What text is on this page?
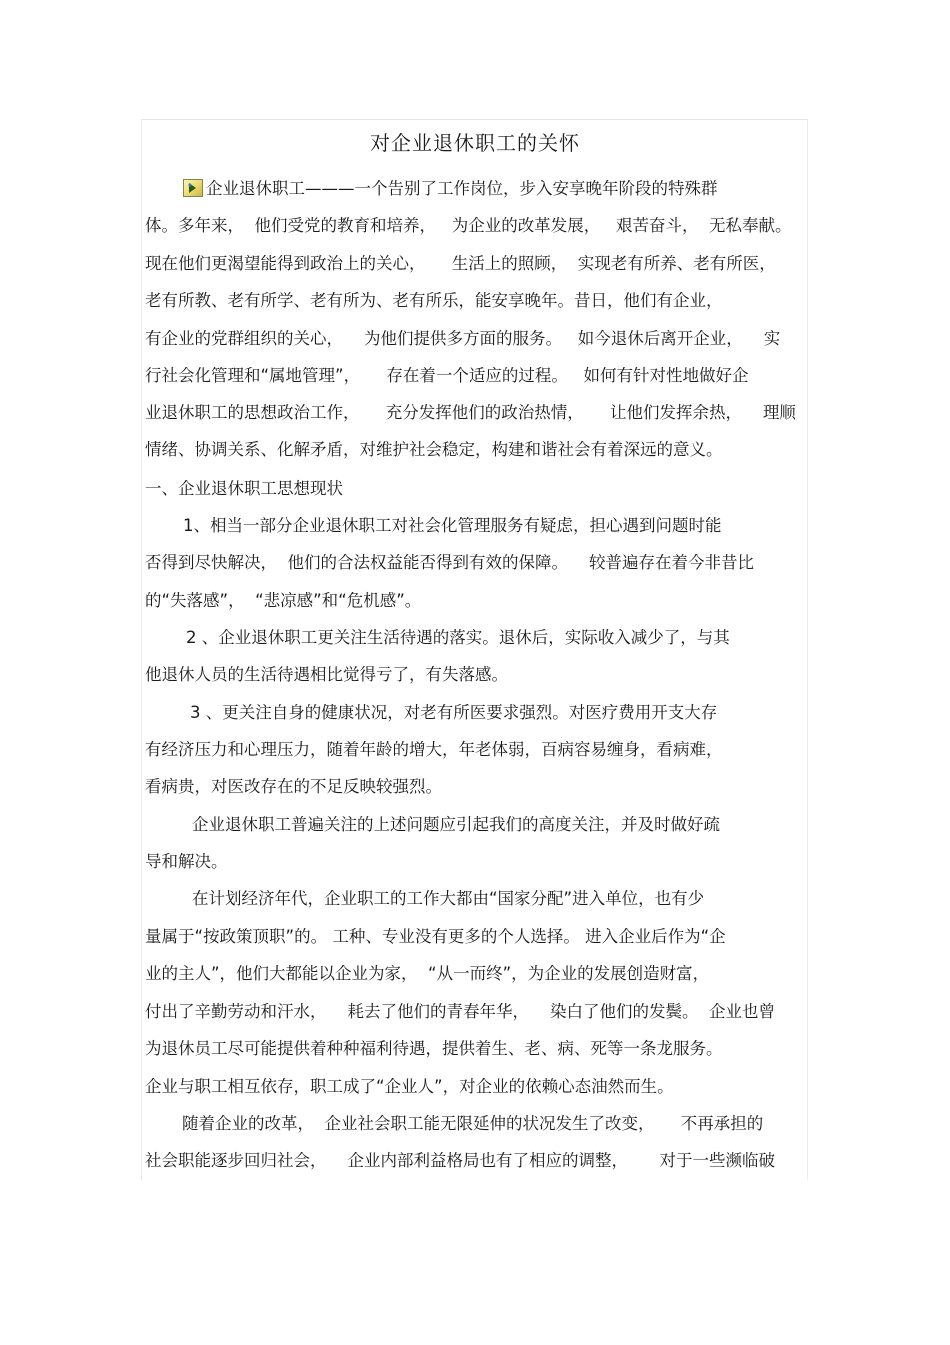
对企业退休职工的关怀
企业退休职工———一个告别了工作岗位，步入安享晚年阶段的特殊群
体。多年来，  他们受党的教育和培养，   为企业的改革发展，   艰苦奋斗，  无私奉献。
现在他们更渴望能得到政治上的关心，     生活上的照顾，  实现老有所养、老有所医，
老有所教、老有所学、老有所为、老有所乐，能安享晚年。昔日，他们有企业，
有企业的党群组织的关心，    为他们提供多方面的服务。   如今退休后离开企业，    实
行社会化管理和“属地管理”，     存在着一个适应的过程。   如何有针对性地做好企
业退休职工的思想政治工作，     充分发挥他们的政治热情，     让他们发挥余热，    理顺
情绪、协调关系、化解矛盾，对维护社会稳定，构建和谐社会有着深远的意义。
一、企业退休职工思想现状
1、相当一部分企业退休职工对社会化管理服务有疑虑，担心遇到问题时能
否得到尽快解决，  他们的合法权益能否得到有效的保障。    较普遍存在着今非昔比
的“失落感”，  “悲凉感”和“危机感”。
2 、企业退休职工更关注生活待遇的落实。退休后，实际收入减少了，与其
他退休人员的生活待遇相比觉得亏了，有失落感。
3 、更关注自身的健康状况，对老有所医要求强烈。对医疗费用开支大存
有经济压力和心理压力，随着年龄的增大，年老体弱，百病容易缠身，看病难，
看病贵，对医改存在的不足反映较强烈。
企业退休职工普遍关注的上述问题应引起我们的高度关注，并及时做好疏
导和解决。
在计划经济年代，企业职工的工作大都由“国家分配”进入单位，也有少
量属于“按政策顶职”的。 工种、专业没有更多的个人选择。 进入企业后作为“企
业的主人”，他们大都能以企业为家，  “从一而终”，为企业的发展创造财富，
付出了辛勤劳动和汗水，    耗去了他们的青春年华，    染白了他们的发鬓。  企业也曾
为退休员工尽可能提供着种种福利待遇，提供着生、老、病、死等一条龙服务。
企业与职工相互依存，职工成了“企业人”，对企业的依赖心态油然而生。
随着企业的改革，  企业社会职工能无限延伸的状况发生了改变，     不再承担的
社会职能逐步回归社会，    企业内部利益格局也有了相应的调整，      对于一些濒临破
